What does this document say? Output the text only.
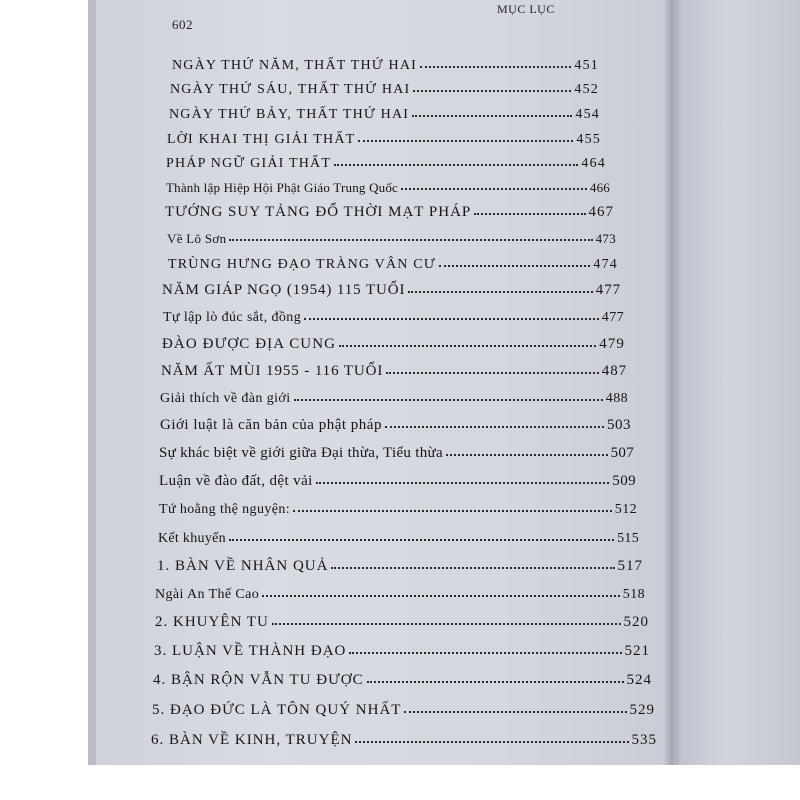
602
MỤC LỤC
NGÀY THỨ NĂM, THẤT THỨ HAI	451
NGÀY THỨ SÁU, THẤT THỨ HAI	452
NGÀY THỨ BẢY, THẤT THỨ HAI	454
LỜI KHAI THỊ GIẢI THẤT	455
PHÁP NGỮ GIẢI THẤT	464
Thành lập Hiệp Hội Phật Giáo Trung Quốc	466
TƯỚNG SUY TẢNG ĐỔ THỜI MẠT PHÁP	467
Về Lô Sơn	473
TRÙNG HƯNG ĐẠO TRÀNG VÂN CƯ	474
NĂM GIÁP NGỌ (1954) 115 TUỔI	477
Tự lập lò đúc sắt, đồng	477
ĐÀO ĐƯỢC ĐỊA CUNG	479
NĂM ẤT MÙI 1955 - 116 TUỔI	487
Giải thích về đàn giới	488
Giới luật là căn bản của phật pháp	503
Sự khác biệt về giới giữa Đại thừa, Tiểu thừa	507
Luận về đào đất, dệt vải	509
Tứ hoằng thệ nguyện:	512
Kết khuyến	515
1. BÀN VỀ NHÂN QUẢ	517
Ngài An Thế Cao	518
2. KHUYÊN TU	520
3. LUẬN VỀ THÀNH ĐẠO	521
4. BẬN RỘN VẪN TU ĐƯỢC	524
5. ĐẠO ĐỨC LÀ TÔN QUÝ NHẤT	529
6. BÀN VỀ KINH, TRUYỆN	535
